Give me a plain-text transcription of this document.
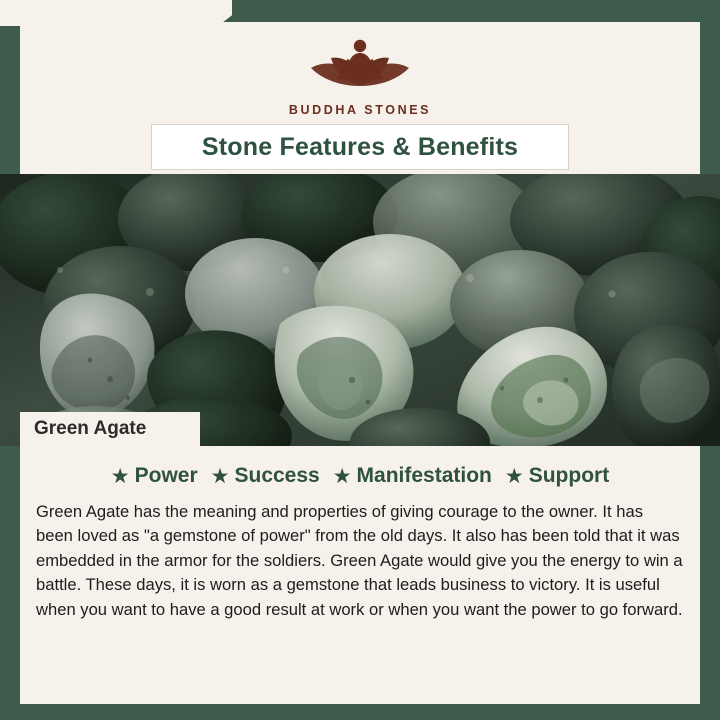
BUDDHA STONES
Stone Features & Benefits
Green Agate
★ Power ★ Success ★ Manifestation ★ Support

Green Agate has the meaning and properties of giving courage to the owner. It has been loved as "a gemstone of power" from the old days. It also has been told that it was embedded in the armor for the soldiers. Green Agate would give you the energy to win a battle. These days, it is worn as a gemstone that leads business to victory. It is useful when you want to have a good result at work or when you want the power to go forward.
